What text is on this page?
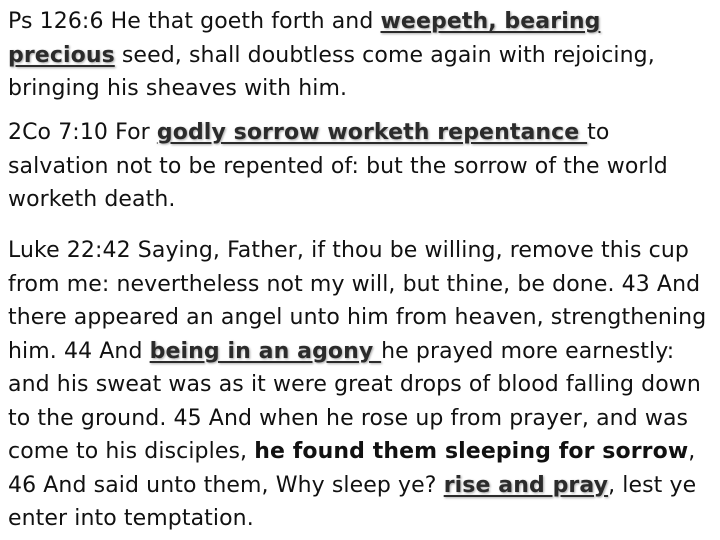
Ps 126:6 He that goeth forth and weepeth, bearing precious seed, shall doubtless come again with rejoicing, bringing his sheaves with him.

2Co 7:10 For godly sorrow worketh repentance to salvation not to be repented of: but the sorrow of the world worketh death.

Luke 22:42 Saying, Father, if thou be willing, remove this cup from me: nevertheless not my will, but thine, be done. 43 And there appeared an angel unto him from heaven, strengthening him. 44 And being in an agony he prayed more earnestly: and his sweat was as it were great drops of blood falling down to the ground. 45 And when he rose up from prayer, and was come to his disciples, he found them sleeping for sorrow, 46 And said unto them, Why sleep ye? rise and pray, lest ye enter into temptation.
